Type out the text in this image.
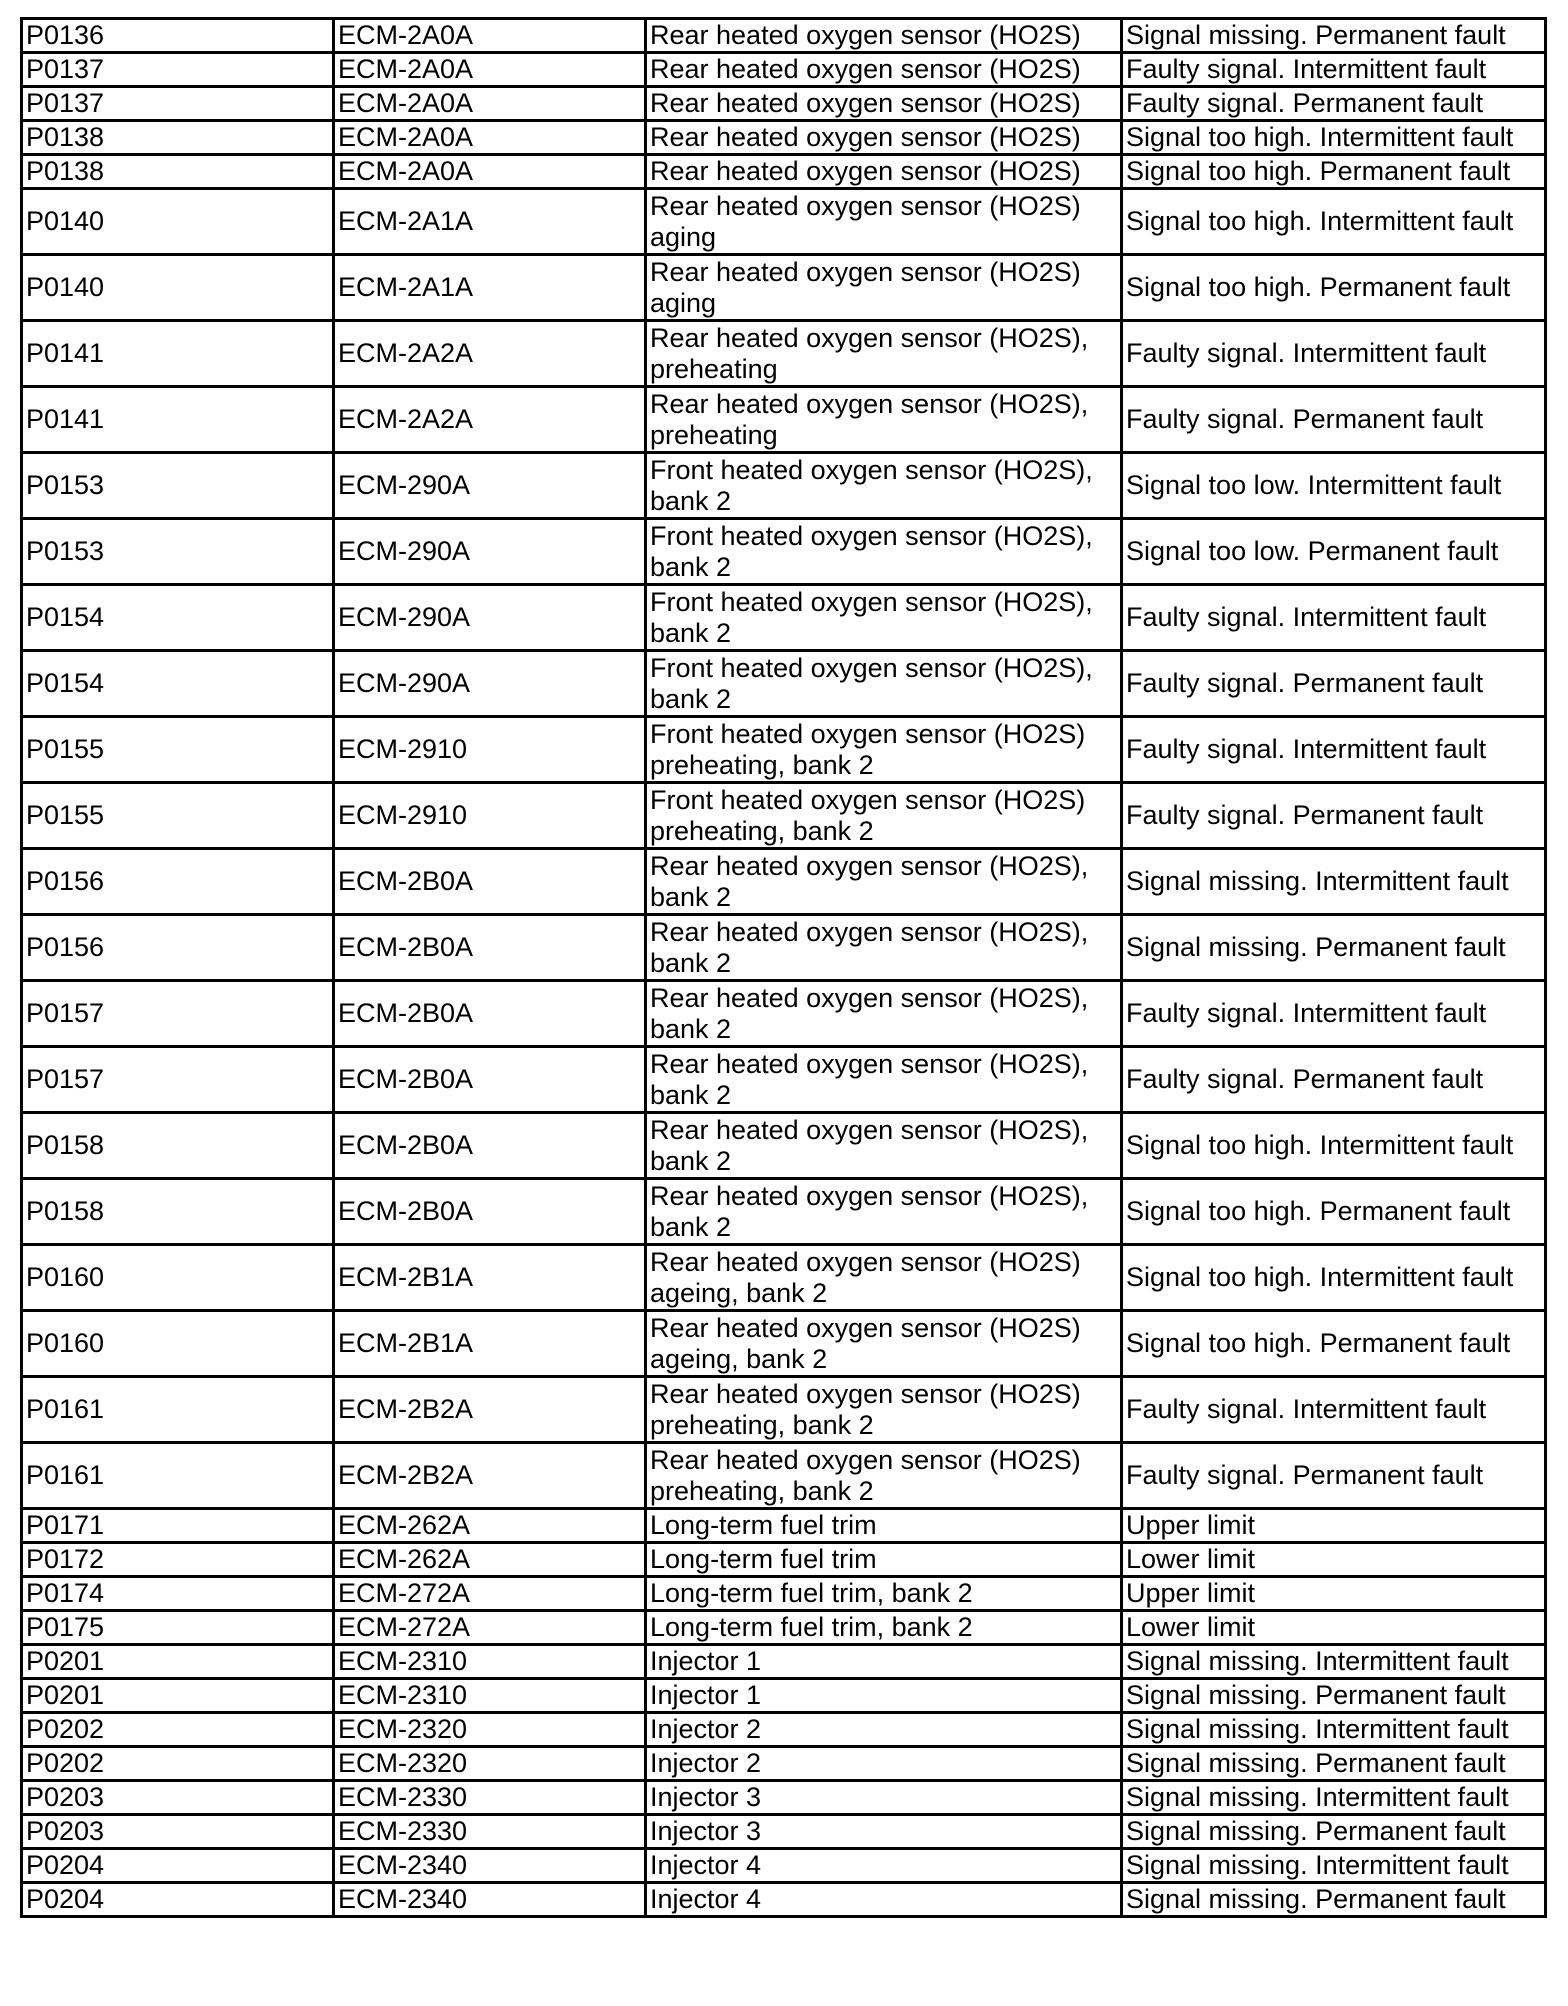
P0136	ECM-2A0A	Rear heated oxygen sensor (HO2S)	Signal missing. Permanent fault
P0137	ECM-2A0A	Rear heated oxygen sensor (HO2S)	Faulty signal. Intermittent fault
P0137	ECM-2A0A	Rear heated oxygen sensor (HO2S)	Faulty signal. Permanent fault
P0138	ECM-2A0A	Rear heated oxygen sensor (HO2S)	Signal too high. Intermittent fault
P0138	ECM-2A0A	Rear heated oxygen sensor (HO2S)	Signal too high. Permanent fault
P0140	ECM-2A1A	Rear heated oxygen sensor (HO2S) aging	Signal too high. Intermittent fault
P0140	ECM-2A1A	Rear heated oxygen sensor (HO2S) aging	Signal too high. Permanent fault
P0141	ECM-2A2A	Rear heated oxygen sensor (HO2S), preheating	Faulty signal. Intermittent fault
P0141	ECM-2A2A	Rear heated oxygen sensor (HO2S), preheating	Faulty signal. Permanent fault
P0153	ECM-290A	Front heated oxygen sensor (HO2S), bank 2	Signal too low. Intermittent fault
P0153	ECM-290A	Front heated oxygen sensor (HO2S), bank 2	Signal too low. Permanent fault
P0154	ECM-290A	Front heated oxygen sensor (HO2S), bank 2	Faulty signal. Intermittent fault
P0154	ECM-290A	Front heated oxygen sensor (HO2S), bank 2	Faulty signal. Permanent fault
P0155	ECM-2910	Front heated oxygen sensor (HO2S) preheating, bank 2	Faulty signal. Intermittent fault
P0155	ECM-2910	Front heated oxygen sensor (HO2S) preheating, bank 2	Faulty signal. Permanent fault
P0156	ECM-2B0A	Rear heated oxygen sensor (HO2S), bank 2	Signal missing. Intermittent fault
P0156	ECM-2B0A	Rear heated oxygen sensor (HO2S), bank 2	Signal missing. Permanent fault
P0157	ECM-2B0A	Rear heated oxygen sensor (HO2S), bank 2	Faulty signal. Intermittent fault
P0157	ECM-2B0A	Rear heated oxygen sensor (HO2S), bank 2	Faulty signal. Permanent fault
P0158	ECM-2B0A	Rear heated oxygen sensor (HO2S), bank 2	Signal too high. Intermittent fault
P0158	ECM-2B0A	Rear heated oxygen sensor (HO2S), bank 2	Signal too high. Permanent fault
P0160	ECM-2B1A	Rear heated oxygen sensor (HO2S) ageing, bank 2	Signal too high. Intermittent fault
P0160	ECM-2B1A	Rear heated oxygen sensor (HO2S) ageing, bank 2	Signal too high. Permanent fault
P0161	ECM-2B2A	Rear heated oxygen sensor (HO2S) preheating, bank 2	Faulty signal. Intermittent fault
P0161	ECM-2B2A	Rear heated oxygen sensor (HO2S) preheating, bank 2	Faulty signal. Permanent fault
P0171	ECM-262A	Long-term fuel trim	Upper limit
P0172	ECM-262A	Long-term fuel trim	Lower limit
P0174	ECM-272A	Long-term fuel trim, bank 2	Upper limit
P0175	ECM-272A	Long-term fuel trim, bank 2	Lower limit
P0201	ECM-2310	Injector 1	Signal missing. Intermittent fault
P0201	ECM-2310	Injector 1	Signal missing. Permanent fault
P0202	ECM-2320	Injector 2	Signal missing. Intermittent fault
P0202	ECM-2320	Injector 2	Signal missing. Permanent fault
P0203	ECM-2330	Injector 3	Signal missing. Intermittent fault
P0203	ECM-2330	Injector 3	Signal missing. Permanent fault
P0204	ECM-2340	Injector 4	Signal missing. Intermittent fault
P0204	ECM-2340	Injector 4	Signal missing. Permanent fault
